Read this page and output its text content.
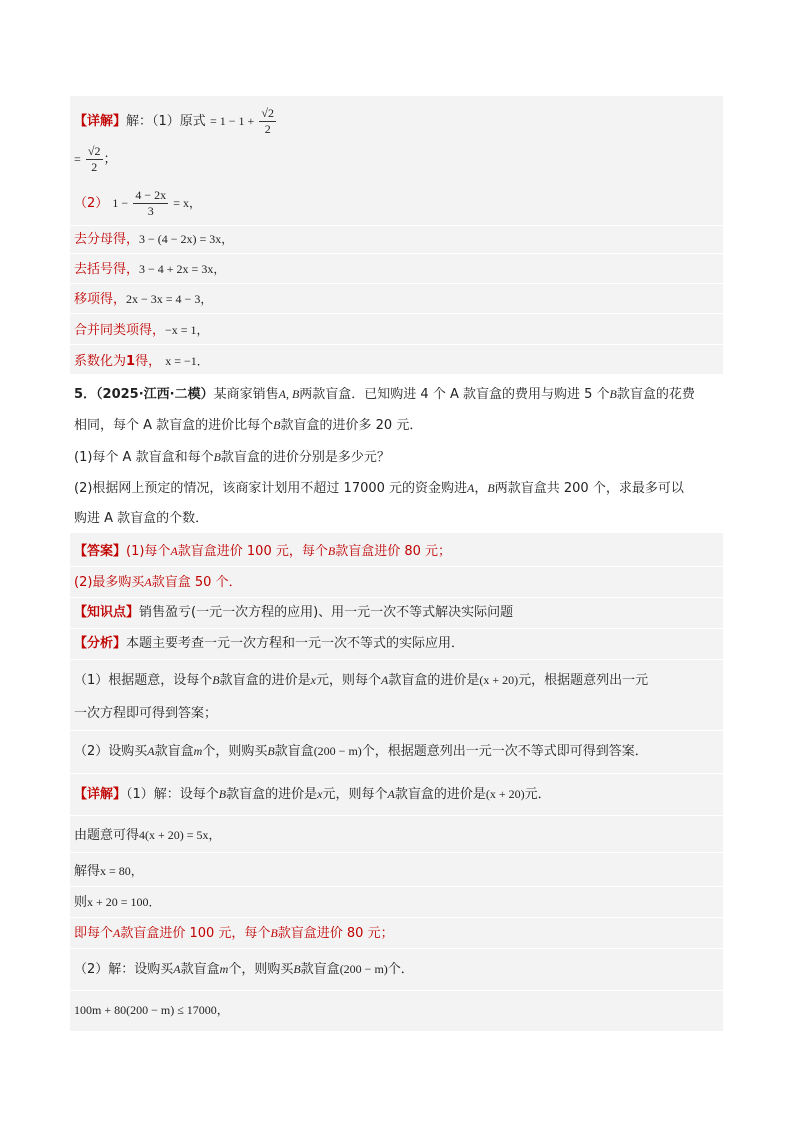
【详解】解：（1）原式 = $1 - 1 + \frac{√2}{2}$
= $\frac{√2}{2}$ ；
（2） $1 - \frac{4 - 2x}{3} = x$，
去分母得，3 − (4 − 2x) = 3x，
去括号得，3 − 4 + 2x = 3x，
移项得，2x − 3x = 4 − 3，
合并同类项得，−x = 1，
系数化为1得， x = −1．
5．（2025·江西·二模）某商家销售A, B两款盲盒．已知购进 4 个 A 款盲盒的费用与购进 5 个B款盲盒的花费
相同，每个 A 款盲盒的进价比每个B款盲盒的进价多 20 元．
(1)每个 A 款盲盒和每个B款盲盒的进价分别是多少元？
(2)根据网上预定的情况，该商家计划用不超过 17000 元的资金购进A，B两款盲盒共 200 个，求最多可以
购进 A 款盲盒的个数．
【答案】(1)每个A款盲盒进价 100 元，每个B款盲盒进价 80 元；
(2)最多购买A款盲盒 50 个．
【知识点】销售盈亏(一元一次方程的应用)、用一元一次不等式解决实际问题
【分析】本题主要考查一元一次方程和一元一次不等式的实际应用．
（1）根据题意，设每个B款盲盒的进价是x元，则每个A款盲盒的进价是(x + 20)元，根据题意列出一元
一次方程即可得到答案；
（2）设购买A款盲盒m个，则购买B款盲盒(200 − m)个，根据题意列出一元一次不等式即可得到答案．
【详解】（1）解：设每个B款盲盒的进价是x元，则每个A款盲盒的进价是(x + 20)元．
由题意可得4(x + 20) = 5x，
解得x = 80，
则x + 20 = 100．
即每个A款盲盒进价 100 元，每个B款盲盒进价 80 元；
（2）解：设购买A款盲盒m个，则购买B款盲盒(200 − m)个．
100m + 80(200 − m) ≤ 17000，
